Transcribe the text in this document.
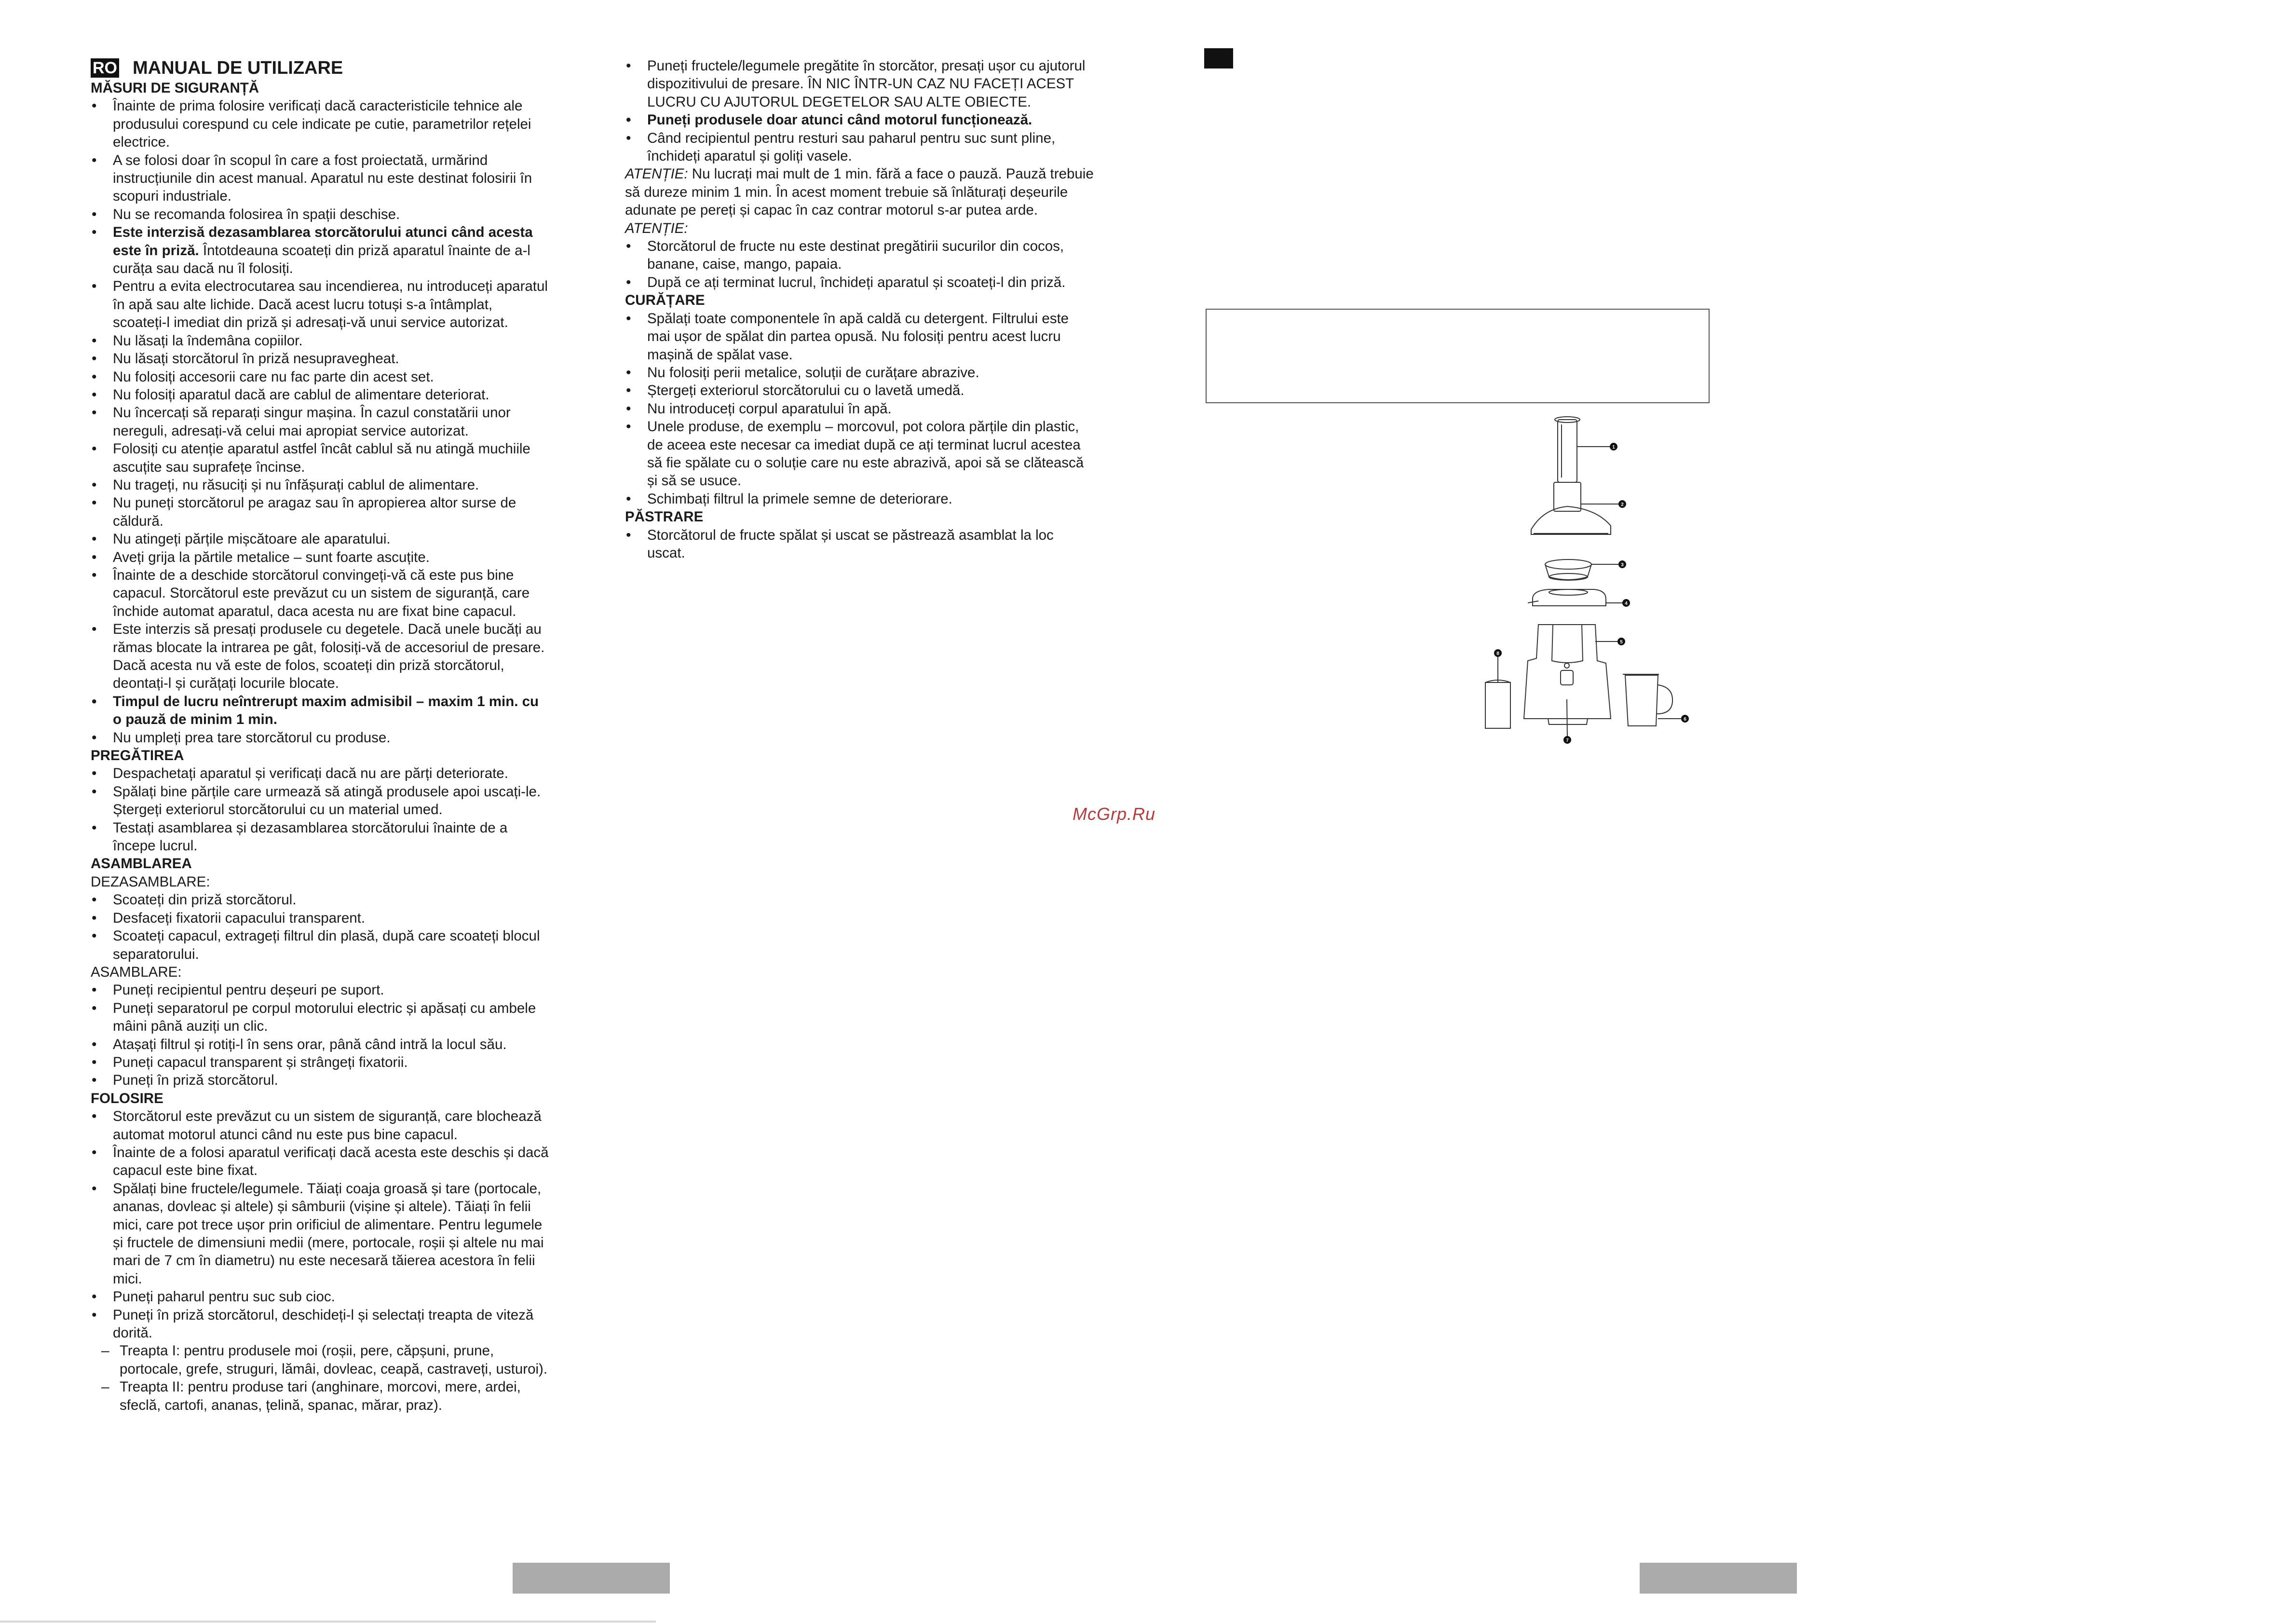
RO MANUAL DE UTILIZARE
MĂSURI DE SIGURANȚĂ
• Înainte de prima folosire verificați dacă caracteristicile tehnice ale produsului corespund cu cele indicate pe cutie, parametrilor rețelei electrice.
• A se folosi doar în scopul în care a fost proiectată, urmărind instrucțiunile din acest manual. Aparatul nu este destinat folosirii în scopuri industriale.
• Nu se recomanda folosirea în spații deschise.
• Este interzisă dezasamblarea storcătorului atunci când acesta este în priză. Întotdeauna scoateți din priză aparatul înainte de a-l curăța sau dacă nu îl folosiți.
• Pentru a evita electrocutarea sau incendierea, nu introduceți aparatul în apă sau alte lichide. Dacă acest lucru totuși s-a întâmplat, scoateți-l imediat din priză și adresați-vă unui service autorizat.
• Nu lăsați la îndemâna copiilor.
• Nu lăsați storcătorul în priză nesupravegheat.
• Nu folosiți accesorii care nu fac parte din acest set.
• Nu folosiți aparatul dacă are cablul de alimentare deteriorat.
• Nu încercați să reparați singur mașina. În cazul constatării unor nereguli, adresați-vă celui mai apropiat service autorizat.
• Folosiți cu atenție aparatul astfel încât cablul să nu atingă muchiile ascuțite sau suprafețe încinse.
• Nu trageți, nu răsuciți și nu înfășurați cablul de alimentare.
• Nu puneți storcătorul pe aragaz sau în apropierea altor surse de căldură.
• Nu atingeți părțile mișcătoare ale aparatului.
• Aveți grija la părtile metalice – sunt foarte ascuțite.
• Înainte de a deschide storcătorul convingeți-vă că este pus bine capacul. Storcătorul este prevăzut cu un sistem de siguranță, care închide automat aparatul, daca acesta nu are fixat bine capacul.
• Este interzis să presați produsele cu degetele. Dacă unele bucăți au rămas blocate la intrarea pe gât, folosiți-vă de accesoriul de presare. Dacă acesta nu vă este de folos, scoateți din priză storcătorul, deontați-l și curățați locurile blocate.
• Timpul de lucru neîntrerupt maxim admisibil – maxim 1 min. cu o pauză de minim 1 min.
• Nu umpleți prea tare storcătorul cu produse.
PREGĂTIREA
• Despachetați aparatul și verificați dacă nu are părți deteriorate.
• Spălați bine părțile care urmează să atingă produsele apoi uscați-le. Ștergeți exteriorul storcătorului cu un material umed.
• Testați asamblarea și dezasamblarea storcătorului înainte de a începe lucrul.
ASAMBLAREA
DEZASAMBLARE:
• Scoateți din priză storcătorul.
• Desfaceți fixatorii capacului transparent.
• Scoateți capacul, extrageți filtrul din plasă, după care scoateți blocul separatorului.
ASAMBLARE:
• Puneți recipientul pentru deșeuri pe suport.
• Puneți separatorul pe corpul motorului electric și apăsați cu ambele mâini până auziți un clic.
• Atașați filtrul și rotiți-l în sens orar, până când intră la locul său.
• Puneți capacul transparent și strângeți fixatorii.
• Puneți în priză storcătorul.
FOLOSIRE
• Storcătorul este prevăzut cu un sistem de siguranță, care blochează automat motorul atunci când nu este pus bine capacul.
• Înainte de a folosi aparatul verificați dacă acesta este deschis și dacă capacul este bine fixat.
• Spălați bine fructele/legumele. Tăiați coaja groasă și tare (portocale, ananas, dovleac și altele) și sâmburii (vișine și altele). Tăiați în felii mici, care pot trece ușor prin orificiul de alimentare. Pentru legumele și fructele de dimensiuni medii (mere, portocale, roșii și altele nu mai mari de 7 cm în diametru) nu este necesară tăierea acestora în felii mici.
• Puneți paharul pentru suc sub cioc.
• Puneți în priză storcătorul, deschideți-l și selectați treapta de viteză dorită.
– Treapta I: pentru produsele moi (roșii, pere, căpșuni, prune, portocale, grefe, struguri, lămâi, dovleac, ceapă, castraveți, usturoi).
– Treapta II: pentru produse tari (anghinare, morcovi, mere, ardei, sfeclă, cartofi, ananas, țelină, spanac, mărar, praz).
• Puneți fructele/legumele pregătite în storcător, presați ușor cu ajutorul dispozitivului de presare. ÎN NIC ÎNTR-UN CAZ NU FACEȚI ACEST LUCRU CU AJUTORUL DEGETELOR SAU ALTE OBIECTE.
• Puneți produsele doar atunci când motorul funcționează.
• Când recipientul pentru resturi sau paharul pentru suc sunt pline, închideți aparatul și goliți vasele.
ATENȚIE: Nu lucrați mai mult de 1 min. fără a face o pauză. Pauză trebuie să dureze minim 1 min. În acest moment trebuie să înlăturați deșeurile adunate pe pereți și capac în caz contrar motorul s-ar putea arde.
ATENȚIE:
• Storcătorul de fructe nu este destinat pregătirii sucurilor din cocos, banane, caise, mango, papaia.
• După ce ați terminat lucrul, închideți aparatul și scoateți-l din priză.
CURĂȚARE
• Spălați toate componentele în apă caldă cu detergent. Filtrului este mai ușor de spălat din partea opusă. Nu folosiți pentru acest lucru mașină de spălat vase.
• Nu folosiți perii metalice, soluții de curățare abrazive.
• Ștergeți exteriorul storcătorului cu o lavetă umedă.
• Nu introduceți corpul aparatului în apă.
• Unele produse, de exemplu – morcovul, pot colora părțile din plastic, de aceea este necesar ca imediat după ce ați terminat lucrul acestea să fie spălate cu o soluție care nu este abrazivă, apoi să se clătească și să se usuce.
• Schimbați filtrul la primele semne de deteriorare.
PĂSTRARE
• Storcătorul de fructe spălat și uscat se păstrează asamblat la loc uscat.
1
2
3
4
5
6
7
8
McGrp.Ru
